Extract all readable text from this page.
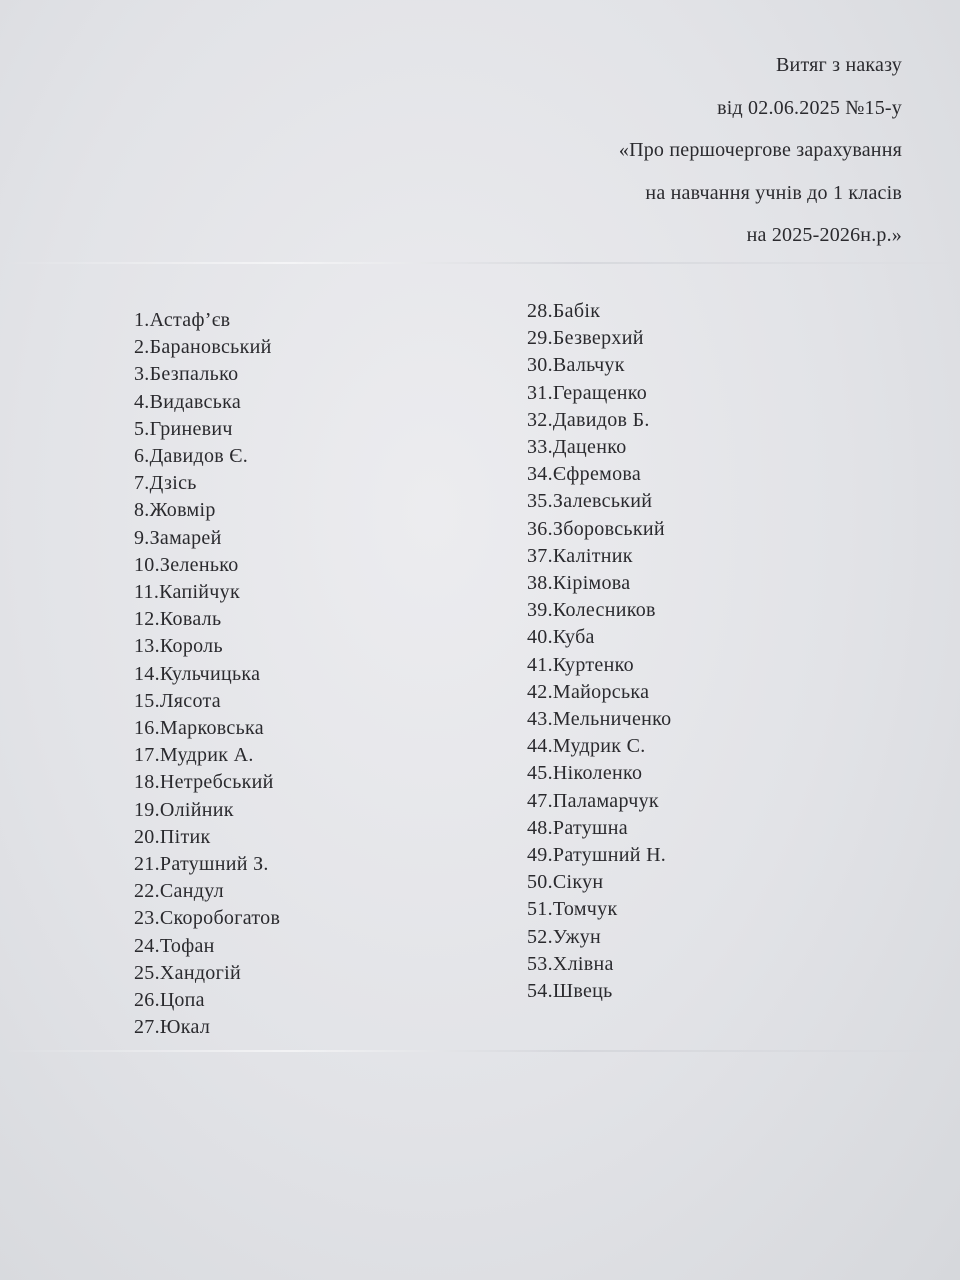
Витяг з наказу
від 02.06.2025 №15-у
«Про першочергове зарахування
на навчання учнів до 1 класів
на 2025-2026н.р.»
1.Астаф’єв
2.Барановський
3.Безпалько
4.Видавська
5.Гриневич
6.Давидов Є.
7.Дзісь
8.Жовмір
9.Замарей
10.Зеленько
11.Капійчук
12.Коваль
13.Король
14.Кульчицька
15.Лясота
16.Марковська
17.Мудрик А.
18.Нетребський
19.Олійник
20.Пітик
21.Ратушний З.
22.Сандул
23.Скоробогатов
24.Тофан
25.Хандогій
26.Цопа
27.Юкал
28.Бабік
29.Безверхий
30.Вальчук
31.Геращенко
32.Давидов Б.
33.Даценко
34.Єфремова
35.Залевський
36.Зборовський
37.Калітник
38.Кірімова
39.Колесников
40.Куба
41.Куртенко
42.Майорська
43.Мельниченко
44.Мудрик С.
45.Ніколенко
47.Паламарчук
48.Ратушна
49.Ратушний Н.
50.Сікун
51.Томчук
52.Ужун
53.Хлівна
54.Швець
